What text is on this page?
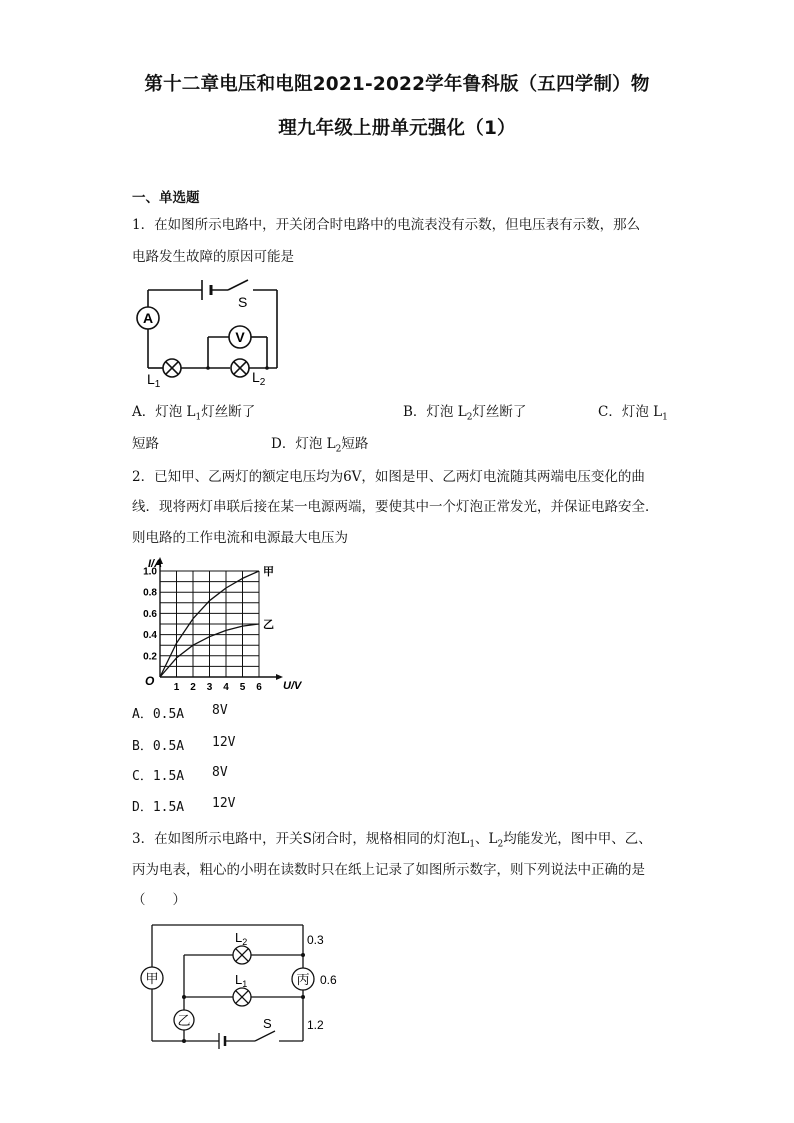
第十二章电压和电阻2021-2022学年鲁科版（五四学制）物
理九年级上册单元强化（1）
一、单选题
1．在如图所示电路中，开关闭合时电路中的电流表没有示数，但电压表有示数，那么
电路发生故障的原因可能是
A
V
S
$L_1$	$L_2$
A．灯泡 $L_1$灯丝断了	B．灯泡 $L_2$灯丝断了	C．灯泡 $L_1$
短路	D．灯泡 $L_2$短路
2．已知甲、乙两灯的额定电压均为6V，如图是甲、乙两灯电流随其两端电压变化的曲
线．现将两灯串联后接在某一电源两端，要使其中一个灯泡正常发光，并保证电路安全．
则电路的工作电流和电源最大电压为
1 2 3 4 5 6
0.2
0.4
0.6
0.8
1.0	甲
乙
I/A
U/V
O
A．0.5A 8V
B．0.5A 12V
C．1.5A 8V
D．1.5A 12V
3．在如图所示电路中，开关S闭合时，规格相同的灯泡$L_1$、$L_2$均能发光，图中甲、乙、
丙为电表，粗心的小明在读数时只在纸上记录了如图所示数字，则下列说法中正确的是
（　　）
甲
乙
丙
$L_2$
$L_1$
S
0.3
0.6
1.2
